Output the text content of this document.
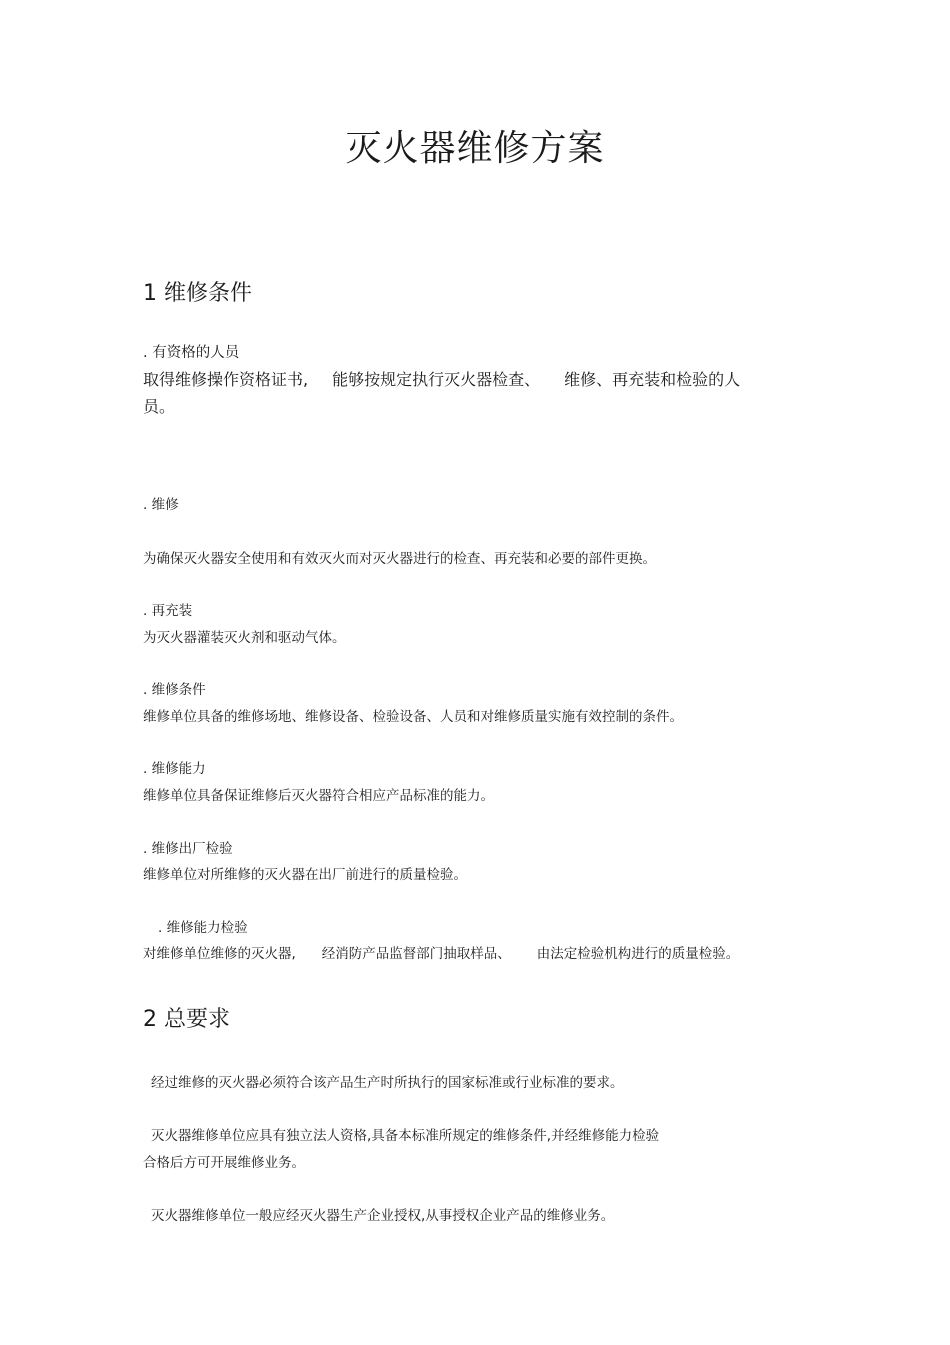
灭火器维修方案
1 维修条件
. 有资格的人员
取得维修操作资格证书, 能够按规定执行灭火器检查、 维修、再充装和检验的人
员。
. 维修
为确保灭火器安全使用和有效灭火而对灭火器进行的检查、再充装和必要的部件更换。
. 再充装
为灭火器灌装灭火剂和驱动气体。
. 维修条件
维修单位具备的维修场地、维修设备、检验设备、人员和对维修质量实施有效控制的条件。
. 维修能力
维修单位具备保证维修后灭火器符合相应产品标准的能力。
. 维修出厂检验
维修单位对所维修的灭火器在出厂前进行的质量检验。
. 维修能力检验
对维修单位维修的灭火器, 经消防产品监督部门抽取样品、 由法定检验机构进行的质量检验。
2 总要求
经过维修的灭火器必须符合该产品生产时所执行的国家标准或行业标准的要求。
灭火器维修单位应具有独立法人资格,具备本标准所规定的维修条件,并经维修能力检验
合格后方可开展维修业务。
灭火器维修单位一般应经灭火器生产企业授权,从事授权企业产品的维修业务。
